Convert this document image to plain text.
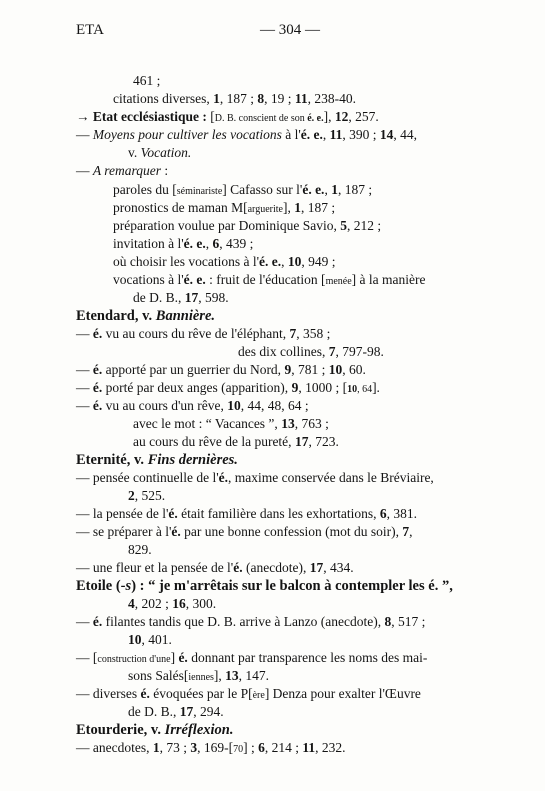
ETA	— 304 —
461 ;
citations diverses, 1, 187 ; 8, 19 ; 11, 238-40.
→ Etat ecclésiastique : [D. B. conscient de son é. e.], 12, 257.
— Moyens pour cultiver les vocations à l'é. e., 11, 390 ; 14, 44,
v. Vocation.
— A remarquer :
paroles du [séminariste] Cafasso sur l'é. e., 1, 187 ;
pronostics de maman M[arguerite], 1, 187 ;
préparation voulue par Dominique Savio, 5, 212 ;
invitation à l'é. e., 6, 439 ;
où choisir les vocations à l'é. e., 10, 949 ;
vocations à l'é. e. : fruit de l'éducation [menée] à la manière
de D. B., 17, 598.
Etendard, v. Bannière.
— é. vu au cours du rêve de l'éléphant, 7, 358 ;
des dix collines, 7, 797-98.
— é. apporté par un guerrier du Nord, 9, 781 ; 10, 60.
— é. porté par deux anges (apparition), 9, 1000 ; [10, 64].
— é. vu au cours d'un rêve, 10, 44, 48, 64 ;
avec le mot : “ Vacances ”, 13, 763 ;
au cours du rêve de la pureté, 17, 723.
Eternité, v. Fins dernières.
— pensée continuelle de l'é., maxime conservée dans le Bréviaire,
2, 525.
— la pensée de l'é. était familière dans les exhortations, 6, 381.
— se préparer à l'é. par une bonne confession (mot du soir), 7,
829.
— une fleur et la pensée de l'é. (anecdote), 17, 434.
Etoile (-s) : “ je m'arrêtais sur le balcon à contempler les é. ”,
4, 202 ; 16, 300.
— é. filantes tandis que D. B. arrive à Lanzo (anecdote), 8, 517 ;
10, 401.
— [construction d'une] é. donnant par transparence les noms des mai-
sons Salés[iennes], 13, 147.
— diverses é. évoquées par le P[ère] Denza pour exalter l'Œuvre
de D. B., 17, 294.
Etourderie, v. Irréflexion.
— anecdotes, 1, 73 ; 3, 169-[70] ; 6, 214 ; 11, 232.
